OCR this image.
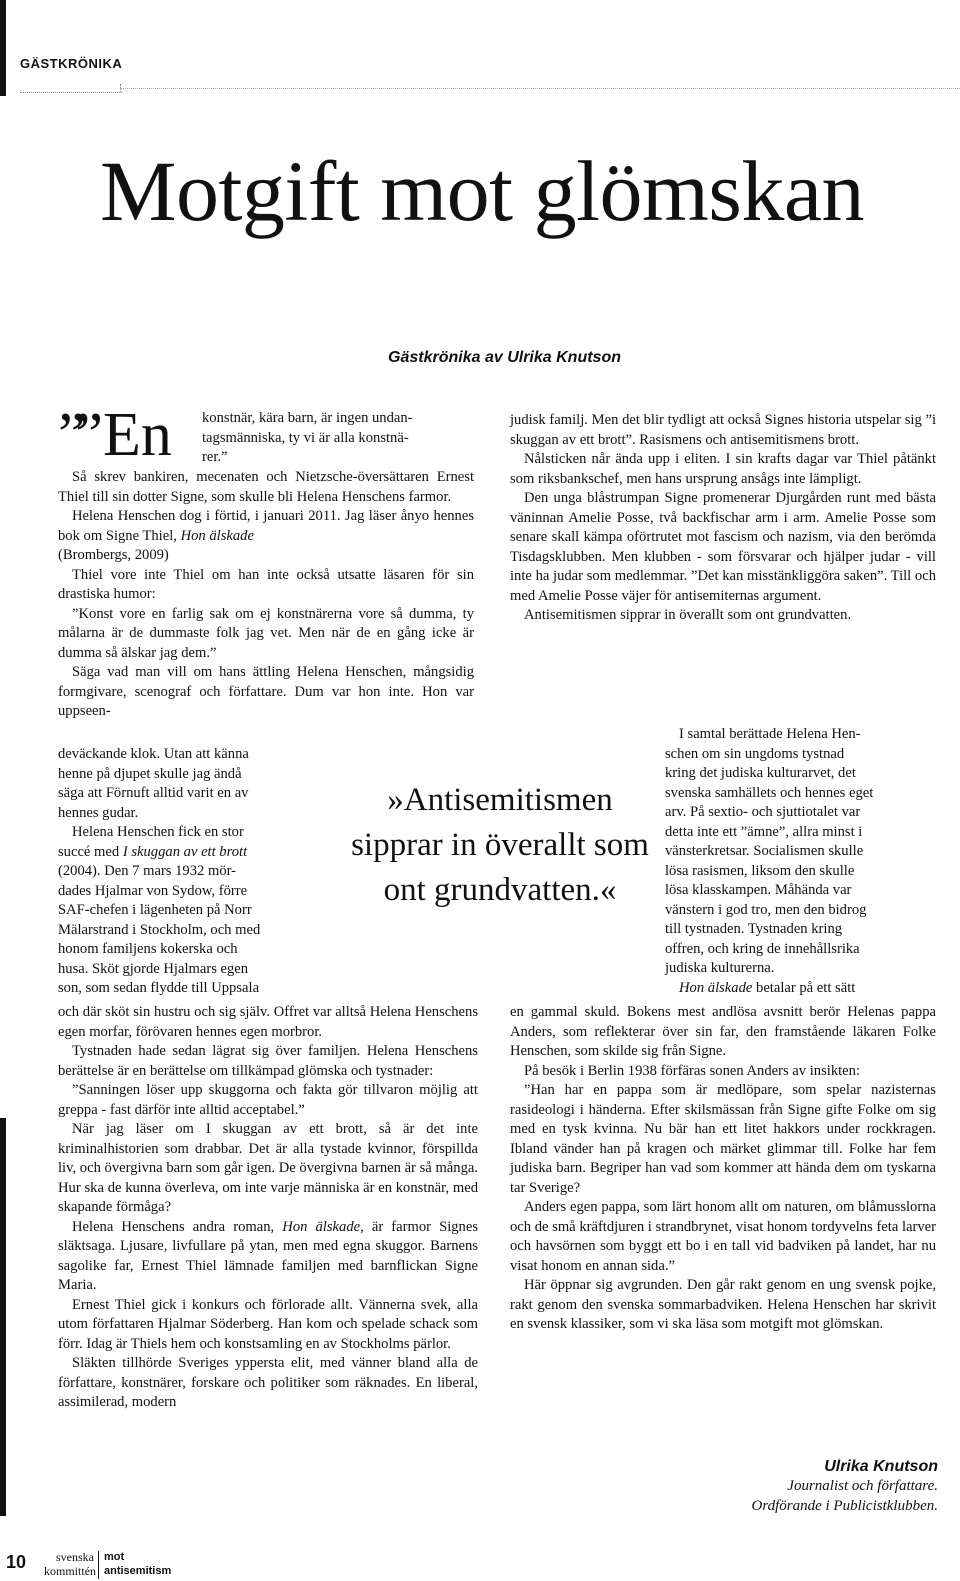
GÄSTKRÖNIKA
Motgift mot glömskan
Gästkrönika av Ulrika Knutson
”” En konstnär, kära barn, är ingen undan-

tagsmänniska, ty vi är alla konstnä-

rer.”

Så skrev bankiren, mecenaten och Nietzsche-översättaren Ernest Thiel till sin dotter Signe, som skulle bli Helena Henschens farmor.

Helena Henschen dog i förtid, i januari 2011. Jag läser ånyo hennes bok om Signe Thiel, Hon älskade

(Brombergs, 2009)

Thiel vore inte Thiel om han inte också utsatte läsaren för sin drastiska humor:

”Konst vore en farlig sak om ej konstnärerna vore så dumma, ty målarna är de dummaste folk jag vet. Men när de en gång icke är dumma så älskar jag dem.”

Säga vad man vill om hans ättling Helena Henschen, mångsidig formgivare, scenograf och författare. Dum var hon inte. Hon var uppseen-

deväckande klok. Utan att känna

henne på djupet skulle jag ändå

säga att Förnuft alltid varit en av

hennes gudar.

Helena Henschen fick en stor

succé med I skuggan av ett brott

(2004). Den 7 mars 1932 mör-

dades Hjalmar von Sydow, förre

SAF-chefen i lägenheten på Norr

Mälarstrand i Stockholm, och med

honom familjens kokerska och

husa. Sköt gjorde Hjalmars egen

son, som sedan flydde till Uppsala

och där sköt sin hustru och sig själv. Offret var alltså Helena Henschens egen morfar, förövaren hennes egen morbror.

Tystnaden hade sedan lägrat sig över familjen. Helena Henschens berättelse är en berättelse om tillkämpad glömska och tystnader:

”Sanningen löser upp skuggorna och fakta gör tillvaron möjlig att greppa - fast därför inte alltid acceptabel.”

När jag läser om I skuggan av ett brott, så är det inte kriminalhistorien som drabbar. Det är alla tystade kvinnor, förspillda liv, och övergivna barn som går igen. De övergivna barnen är så många. Hur ska de kunna överleva, om inte varje människa är en konstnär, med skapande förmåga?

Helena Henschens andra roman, Hon älskade, är farmor Signes släktsaga. Ljusare, livfullare på ytan, men med egna skuggor. Barnens sagolike far, Ernest Thiel lämnade familjen med barnflickan Signe Maria.

Ernest Thiel gick i konkurs och förlorade allt. Vännerna svek, alla utom författaren Hjalmar Söderberg. Han kom och spelade schack som förr. Idag är Thiels hem och konstsamling en av Stockholms pärlor.

Släkten tillhörde Sveriges yppersta elit, med vänner bland alla de författare, konstnärer, forskare och politiker som räknades. En liberal, assimilerad, modern

»Antisemitismen sipprar in överallt som ont grundvatten.«

judisk familj. Men det blir tydligt att också Signes historia utspelar sig ”i skuggan av ett brott”. Rasismens och antisemitismens brott.

Nålsticken når ända upp i eliten. I sin krafts dagar var Thiel påtänkt som riksbankschef, men hans ursprung ansågs inte lämpligt.

Den unga blåstrumpan Signe promenerar Djurgården runt med bästa väninnan Amelie Posse, två backfischar arm i arm. Amelie Posse som senare skall kämpa oförtrutet mot fascism och nazism, via den berömda Tisdagsklubben. Men klubben - som försvarar och hjälper judar - vill inte ha judar som medlemmar. ”Det kan misstänkliggöra saken”. Till och med Amelie Posse väjer för antisemiternas argument.

Antisemitismen sipprar in överallt som ont grundvatten.

I samtal berättade Helena Hen-

schen om sin ungdoms tystnad

kring det judiska kulturarvet, det

svenska samhällets och hennes eget

arv. På sextio- och sjuttiotalet var

detta inte ett ”ämne”, allra minst i

vänsterkretsar. Socialismen skulle

lösa rasismen, liksom den skulle

lösa klasskampen. Måhända var

vänstern i god tro, men den bidrog

till tystnaden. Tystnaden kring

offren, och kring de innehållsrika

judiska kulturerna.

Hon älskade betalar på ett sätt

en gammal skuld. Bokens mest andlösa avsnitt berör Helenas pappa Anders, som reflekterar över sin far, den framstående läkaren Folke Henschen, som skilde sig från Signe.

På besök i Berlin 1938 förfäras sonen Anders av insikten:

”Han har en pappa som är medlöpare, som spelar nazisternas rasideologi i händerna. Efter skilsmässan från Signe gifte Folke om sig med en tysk kvinna. Nu bär han ett litet hakkors under rockkragen. Ibland vänder han på kragen och märket glimmar till. Folke har fem judiska barn. Begriper han vad som kommer att hända dem om tyskarna tar Sverige?

Anders egen pappa, som lärt honom allt om naturen, om blåmusslorna och de små kräftdjuren i strandbrynet, visat honom tordyvelns feta larver och havsörnen som byggt ett bo i en tall vid badviken på landet, har nu visat honom en annan sida.”

Här öppnar sig avgrunden. Den går rakt genom en ung svensk pojke, rakt genom den svenska sommarbadviken. Helena Henschen har skrivit en svensk klassiker, som vi ska läsa som motgift mot glömskan.

Ulrika Knutson
Journalist och författare.
Ordförande i Publicistklubben.
10	svenska
kommittén
mot
antisemitism
